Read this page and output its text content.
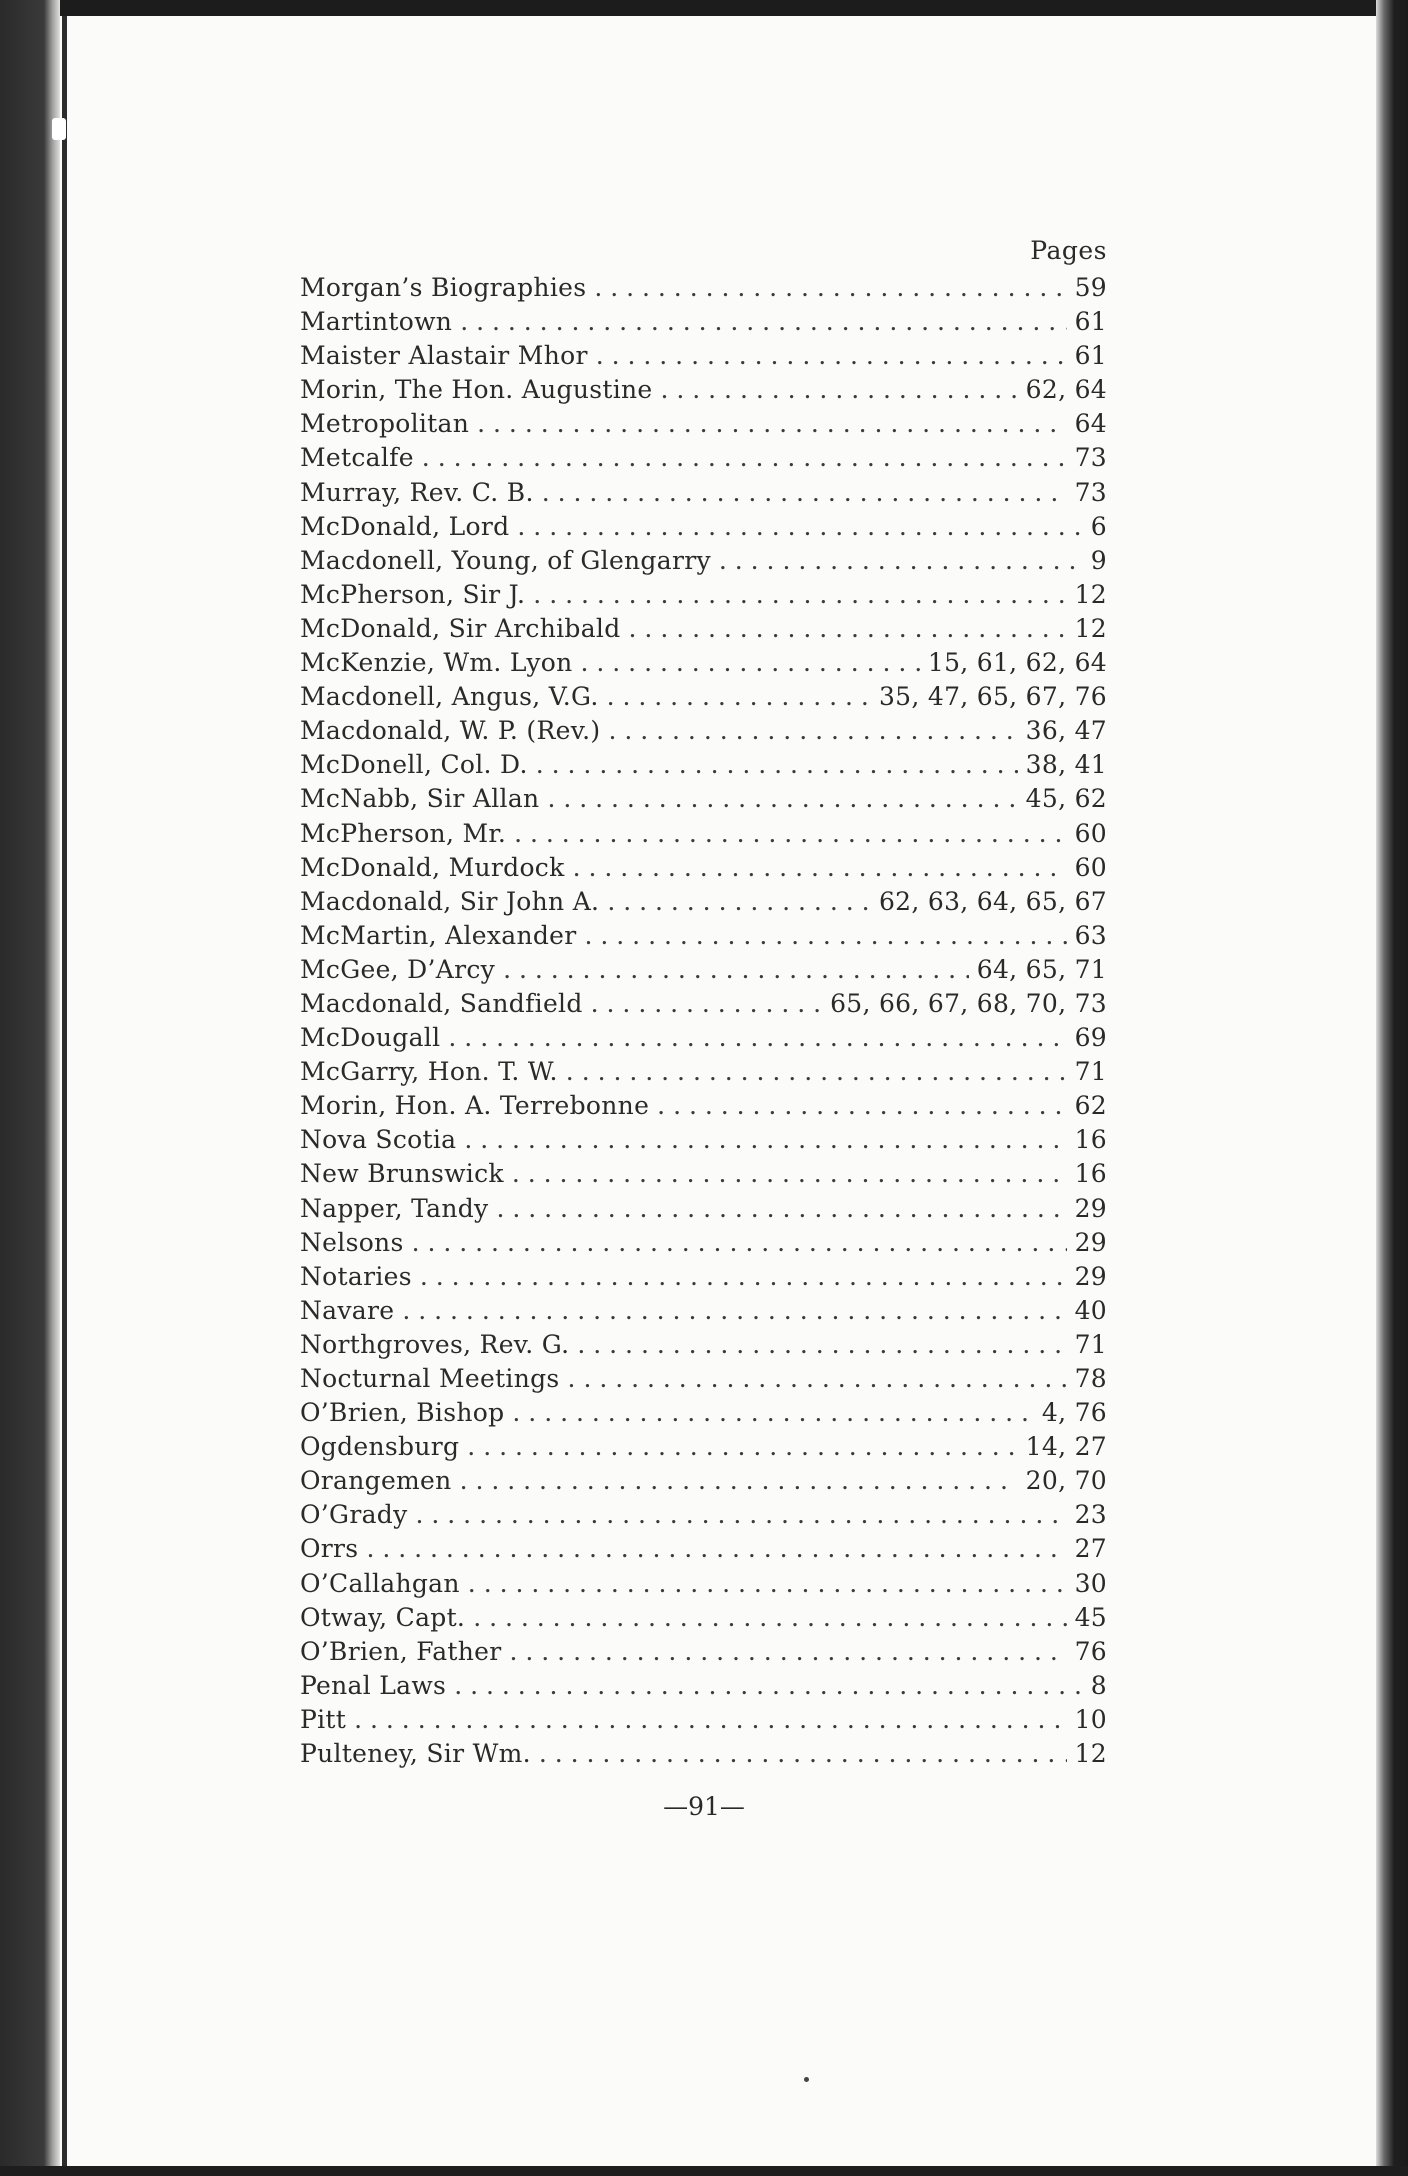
Pages
Morgan’s Biographies . . .	59
Martintown . . .	61
Maister Alastair Mhor . . .	61
Morin, The Hon. Augustine . . .	62, 64
Metropolitan . . .	64
Metcalfe . . .	73
Murray, Rev. C. B. . . .	73
McDonald, Lord . . .	6
Macdonell, Young, of Glengarry . . .	9
McPherson, Sir J. . . .	12
McDonald, Sir Archibald . . .	12
McKenzie, Wm. Lyon . . .	15, 61, 62, 64
Macdonell, Angus, V.G. . . .	35, 47, 65, 67, 76
Macdonald, W. P. (Rev.) . . .	36, 47
McDonell, Col. D. . . .	38, 41
McNabb, Sir Allan . . .	45, 62
McPherson, Mr. . . .	60
McDonald, Murdock . . .	60
Macdonald, Sir John A. . . .	62, 63, 64, 65, 67
McMartin, Alexander . . .	63
McGee, D’Arcy . . .	64, 65, 71
Macdonald, Sandfield . . .	65, 66, 67, 68, 70, 73
McDougall . . .	69
McGarry, Hon. T. W. . . .	71
Morin, Hon. A. Terrebonne . . .	62
Nova Scotia . . .	16
New Brunswick . . .	16
Napper, Tandy . . .	29
Nelsons . . .	29
Notaries . . .	29
Navare . . .	40
Northgroves, Rev. G. . . .	71
Nocturnal Meetings . . .	78
O’Brien, Bishop . . .	4, 76
Ogdensburg . . .	14, 27
Orangemen . . .	20, 70
O’Grady . . .	23
Orrs . . .	27
O’Callahgan . . .	30
Otway, Capt. . . .	45
O’Brien, Father . . .	76
Penal Laws . . .	8
Pitt . . .	10
Pulteney, Sir Wm. . . .	12
—91—
